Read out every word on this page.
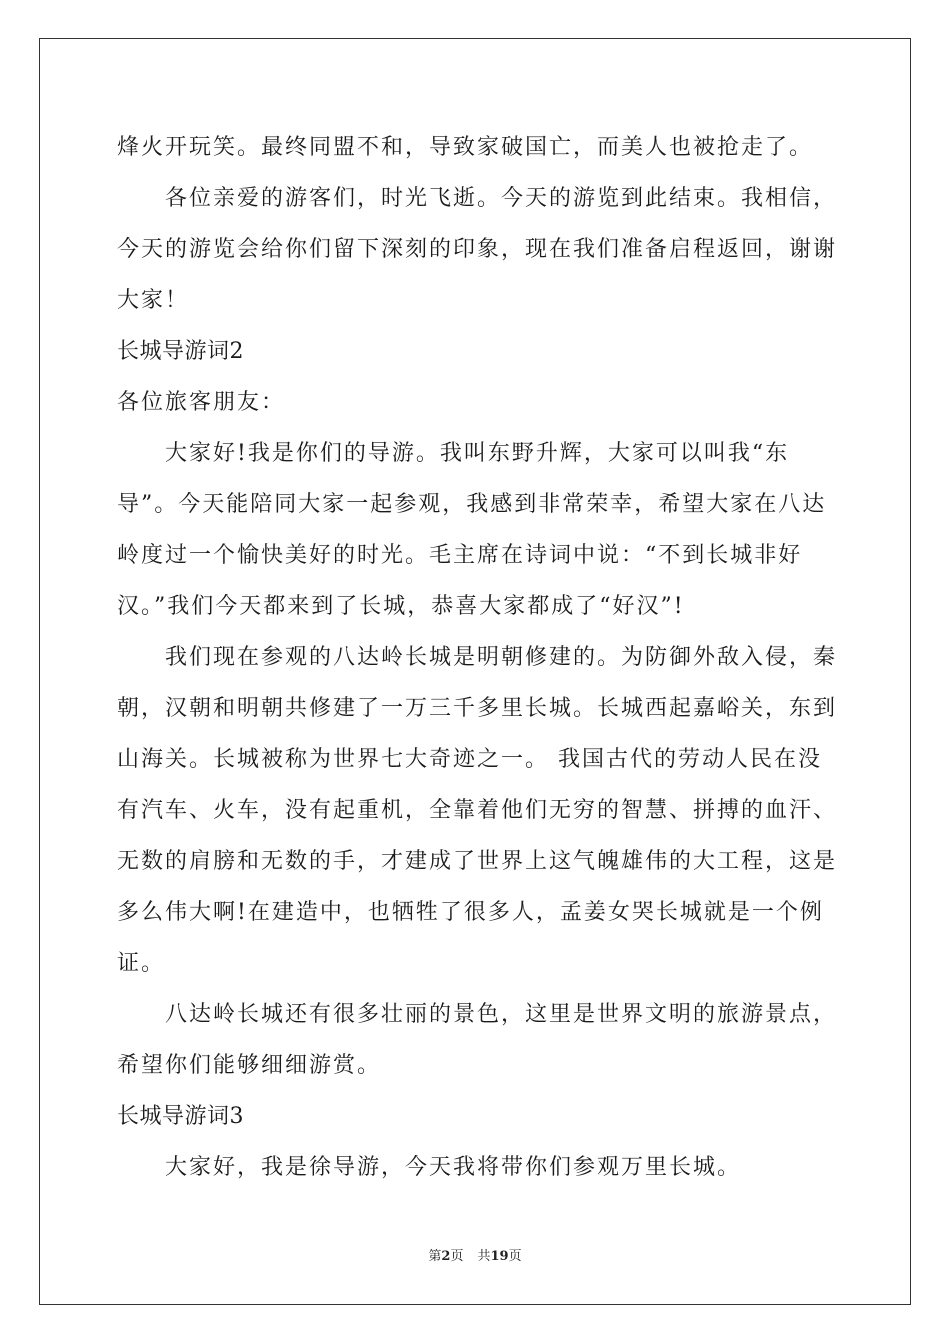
烽火开玩笑。最终同盟不和，导致家破国亡，而美人也被抢走了。
各位亲爱的游客们，时光飞逝。今天的游览到此结束。我相信，
今天的游览会给你们留下深刻的印象，现在我们准备启程返回，谢谢
大家！
长城导游词2
各位旅客朋友：
大家好!我是你们的导游。我叫东野升辉，大家可以叫我“东
导”。今天能陪同大家一起参观，我感到非常荣幸，希望大家在八达
岭度过一个愉快美好的时光。毛主席在诗词中说：“不到长城非好
汉。”我们今天都来到了长城，恭喜大家都成了“好汉”!
我们现在参观的八达岭长城是明朝修建的。为防御外敌入侵，秦
朝，汉朝和明朝共修建了一万三千多里长城。长城西起嘉峪关，东到
山海关。长城被称为世界七大奇迹之一。 我国古代的劳动人民在没
有汽车、火车，没有起重机，全靠着他们无穷的智慧、拼搏的血汗、
无数的肩膀和无数的手，才建成了世界上这气魄雄伟的大工程，这是
多么伟大啊!在建造中，也牺牲了很多人，孟姜女哭长城就是一个例
证。
八达岭长城还有很多壮丽的景色，这里是世界文明的旅游景点，
希望你们能够细细游赏。
长城导游词3
大家好，我是徐导游，今天我将带你们参观万里长城。
第2页 共19页
